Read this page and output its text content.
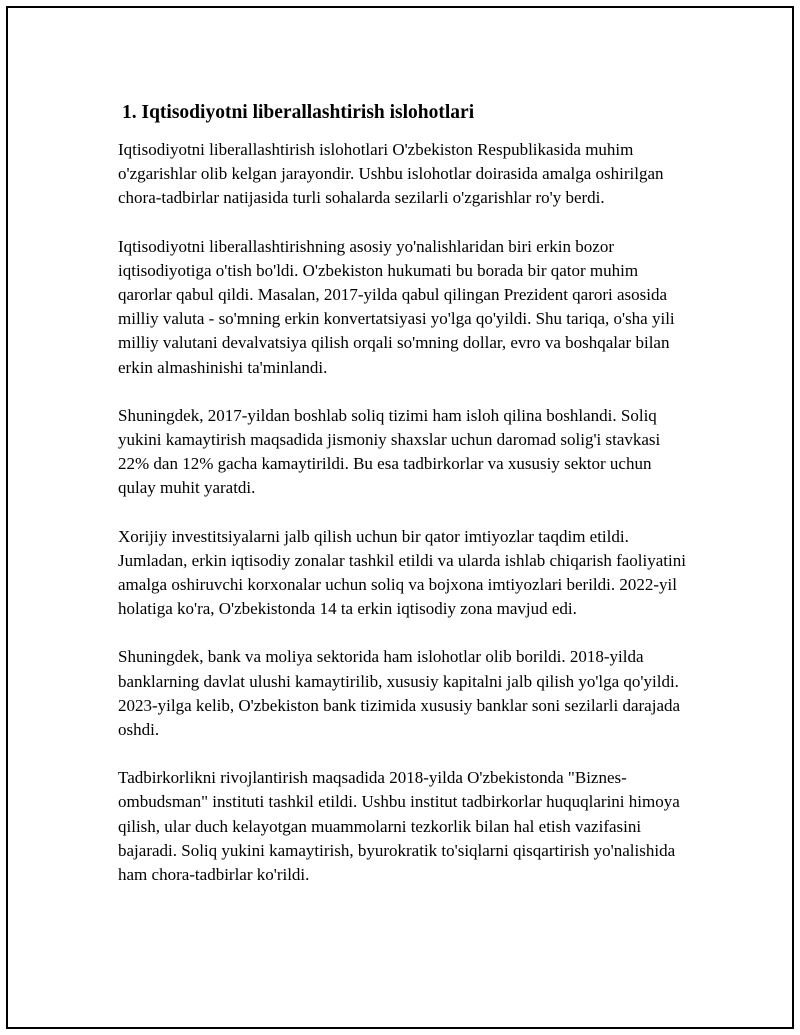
1. Iqtisodiyotni liberallashtirish islohotlari

Iqtisodiyotni liberallashtirish islohotlari O'zbekiston Respublikasida muhim o'zgarishlar olib kelgan jarayondir. Ushbu islohotlar doirasida amalga oshirilgan chora-tadbirlar natijasida turli sohalarda sezilarli o'zgarishlar ro'y berdi.

Iqtisodiyotni liberallashtirishning asosiy yo'nalishlaridan biri erkin bozor iqtisodiyotiga o'tish bo'ldi. O'zbekiston hukumati bu borada bir qator muhim qarorlar qabul qildi. Masalan, 2017-yilda qabul qilingan Prezident qarori asosida milliy valuta - so'mning erkin konvertatsiyasi yo'lga qo'yildi. Shu tariqa, o'sha yili milliy valutani devalvatsiya qilish orqali so'mning dollar, evro va boshqalar bilan erkin almashinishi ta'minlandi.

Shuningdek, 2017-yildan boshlab soliq tizimi ham isloh qilina boshlandi. Soliq yukini kamaytirish maqsadida jismoniy shaxslar uchun daromad solig'i stavkasi 22% dan 12% gacha kamaytirildi. Bu esa tadbirkorlar va xususiy sektor uchun qulay muhit yaratdi.

Xorijiy investitsiyalarni jalb qilish uchun bir qator imtiyozlar taqdim etildi. Jumladan, erkin iqtisodiy zonalar tashkil etildi va ularda ishlab chiqarish faoliyatini amalga oshiruvchi korxonalar uchun soliq va bojxona imtiyozlari berildi. 2022-yil holatiga ko'ra, O'zbekistonda 14 ta erkin iqtisodiy zona mavjud edi.

Shuningdek, bank va moliya sektorida ham islohotlar olib borildi. 2018-yilda banklarning davlat ulushi kamaytirilib, xususiy kapitalni jalb qilish yo'lga qo'yildi. 2023-yilga kelib, O'zbekiston bank tizimida xususiy banklar soni sezilarli darajada oshdi.

Tadbirkorlikni rivojlantirish maqsadida 2018-yilda O'zbekistonda "Biznes-ombudsman" instituti tashkil etildi. Ushbu institut tadbirkorlar huquqlarini himoya qilish, ular duch kelayotgan muammolarni tezkorlik bilan hal etish vazifasini bajaradi. Soliq yukini kamaytirish, byurokratik to'siqlarni qisqartirish yo'nalishida ham chora-tadbirlar ko'rildi.
